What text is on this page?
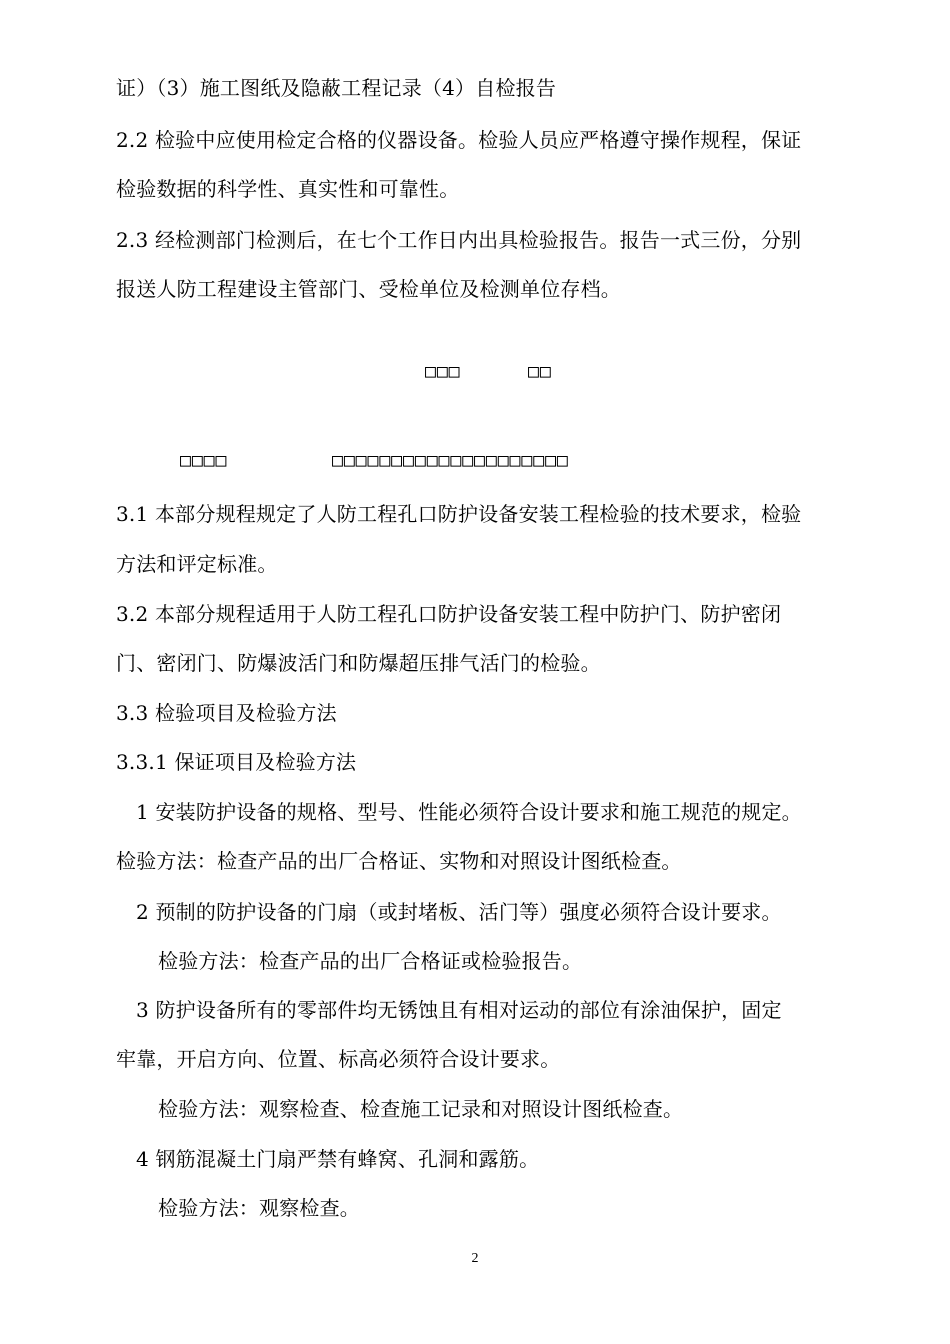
证）（3）施工图纸及隐蔽工程记录（4）自检报告
2.2 检验中应使用检定合格的仪器设备。检验人员应严格遵守操作规程，保证
检验数据的科学性、真实性和可靠性。
2.3 经检测部门检测后，在七个工作日内出具检验报告。报告一式三份，分别
报送人防工程建设主管部门、受检单位及检测单位存档。
□□□	□□
□□□□	□□□□□□□□□□□□□□□□□□□□
3.1 本部分规程规定了人防工程孔口防护设备安装工程检验的技术要求，检验
方法和评定标准。
3.2 本部分规程适用于人防工程孔口防护设备安装工程中防护门、防护密闭
门、密闭门、防爆波活门和防爆超压排气活门的检验。
3.3 检验项目及检验方法
3.3.1 保证项目及检验方法
1 安装防护设备的规格、型号、性能必须符合设计要求和施工规范的规定。
检验方法：检查产品的出厂合格证、实物和对照设计图纸检查。
2 预制的防护设备的门扇（或封堵板、活门等）强度必须符合设计要求。
检验方法：检查产品的出厂合格证或检验报告。
3 防护设备所有的零部件均无锈蚀且有相对运动的部位有涂油保护，固定
牢靠，开启方向、位置、标高必须符合设计要求。
检验方法：观察检查、检查施工记录和对照设计图纸检查。
4 钢筋混凝土门扇严禁有蜂窝、孔洞和露筋。
检验方法：观察检查。
2
